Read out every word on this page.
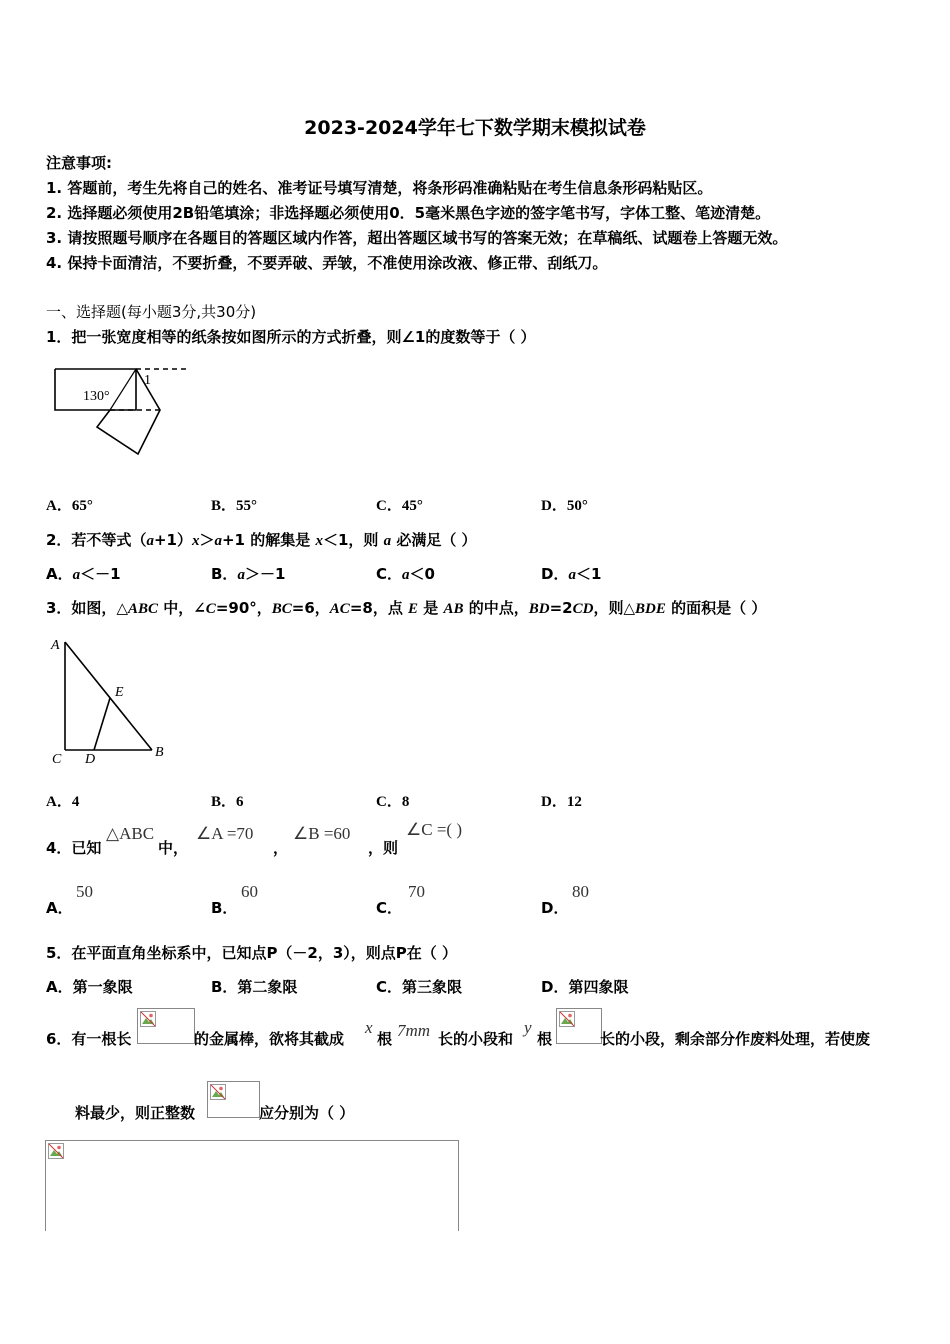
2023-2024学年七下数学期末模拟试卷
注意事项:
1. 答题前，考生先将自己的姓名、准考证号填写清楚，将条形码准确粘贴在考生信息条形码粘贴区。
2. 选择题必须使用2B铅笔填涂；非选择题必须使用0．5毫米黑色字迹的签字笔书写，字体工整、笔迹清楚。
3. 请按照题号顺序在各题目的答题区域内作答，超出答题区域书写的答案无效；在草稿纸、试题卷上答题无效。
4. 保持卡面清洁，不要折叠，不要弄破、弄皱，不准使用涂改液、修正带、刮纸刀。
一、选择题(每小题3分,共30分)
1．把一张宽度相等的纸条按如图所示的方式折叠，则∠1的度数等于（ ）
130°
1
A．65°	B．55°	C．45°	D．50°
2．若不等式（a+1）x＞a+1 的解集是 x＜1，则 a 必满足（ ）
A．a＜－1	B．a＞－1	C．a＜0	D．a＜1
3．如图，△ABC 中，∠C=90°，BC=6，AC=8，点 E 是 AB 的中点，BD=2CD，则△BDE 的面积是（ ）
A
E
C D	B
A．4	B．6	C．8	D．12
4．已知
△ABC
中，
∠A =70
，
∠B =60
，则
∠C =( )
A．
50
B．
60
C．
70
D．
80
5．在平面直角坐标系中，已知点P（－2，3），则点P在（ ）
A．第一象限	B．第二象限	C．第三象限	D．第四象限
6．有一根长	的金属棒，欲将其截成
x
根 7mm 长的小段和
y
根	长的小段，剩余部分作废料处理，若使废
料最少，则正整数	应分别为（ ）
